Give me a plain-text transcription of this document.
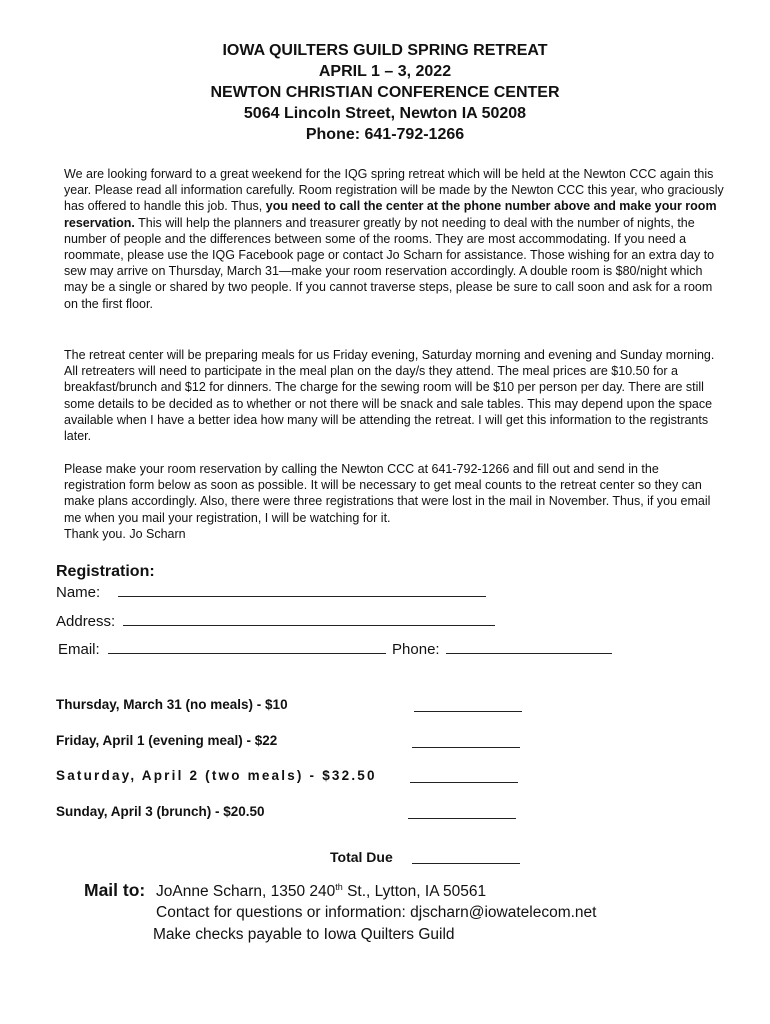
IOWA QUILTERS GUILD SPRING RETREAT
APRIL 1 – 3, 2022
NEWTON CHRISTIAN CONFERENCE CENTER
5064 Lincoln Street, Newton IA 50208
Phone: 641-792-1266
We are looking forward to a great weekend for the IQG spring retreat which will be held at the Newton CCC again this year. Please read all information carefully. Room registration will be made by the Newton CCC this year, who graciously has offered to handle this job. Thus, you need to call the center at the phone number above and make your room reservation. This will help the planners and treasurer greatly by not needing to deal with the number of nights, the number of people and the differences between some of the rooms. They are most accommodating. If you need a roommate, please use the IQG Facebook page or contact Jo Scharn for assistance. Those wishing for an extra day to sew may arrive on Thursday, March 31—make your room reservation accordingly. A double room is $80/night which may be a single or shared by two people. If you cannot traverse steps, please be sure to call soon and ask for a room on the first floor.
The retreat center will be preparing meals for us Friday evening, Saturday morning and evening and Sunday morning. All retreaters will need to participate in the meal plan on the day/s they attend. The meal prices are $10.50 for a breakfast/brunch and $12 for dinners. The charge for the sewing room will be $10 per person per day. There are still some details to be decided as to whether or not there will be snack and sale tables. This may depend upon the space available when I have a better idea how many will be attending the retreat. I will get this information to the registrants later.
Please make your room reservation by calling the Newton CCC at 641-792-1266 and fill out and send in the registration form below as soon as possible. It will be necessary to get meal counts to the retreat center so they can make plans accordingly. Also, there were three registrations that were lost in the mail in November. Thus, if you email me when you mail your registration, I will be watching for it.
Thank you. Jo Scharn
Registration:
Name:
Address:
Email:	Phone:
Thursday, March 31 (no meals) - $10
Friday, April 1 (evening meal) - $22
Saturday, April 2 (two meals) - $32.50
Sunday, April 3 (brunch) - $20.50
Total Due
Mail to: JoAnne Scharn, 1350 240th St., Lytton, IA 50561
Contact for questions or information: djscharn@iowatelecom.net
Make checks payable to Iowa Quilters Guild
